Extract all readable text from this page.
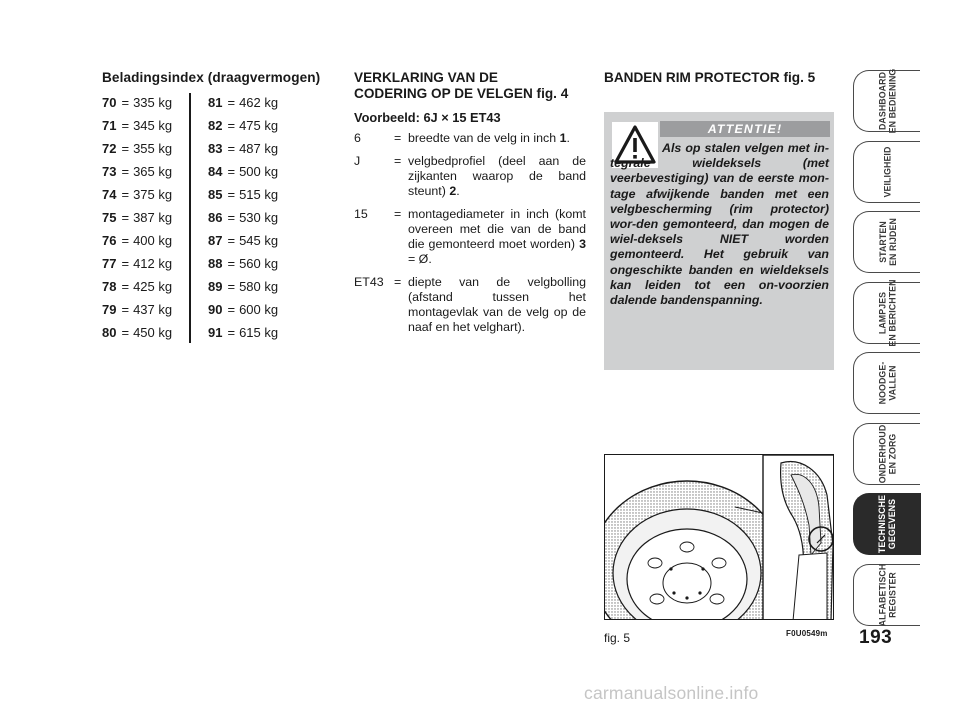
Beladingsindex (draagvermogen)
70 = 335 kg	81 = 462 kg
71 = 345 kg	82 = 475 kg
72 = 355 kg	83 = 487 kg
73 = 365 kg	84 = 500 kg
74 = 375 kg	85 = 515 kg
75 = 387 kg	86 = 530 kg
76 = 400 kg	87 = 545 kg
77 = 412 kg	88 = 560 kg
78 = 425 kg	89 = 580 kg
79 = 437 kg	90 = 600 kg
80 = 450 kg	91 = 615 kg
VERKLARING VAN DE
CODERING OP DE VELGEN fig. 4
Voorbeeld: 6J × 15 ET43
6	= breedte van de velg in inch 1.
J	= velgbedprofiel (deel aan de zijkanten waarop de band steunt) 2.
15	= montagediameter in inch (komt overeen met die van de band die gemonteerd moet worden) 3 = Ø.
ET43 = diepte van de velgbolling (afstand tussen het montagevlak van de velg op de naaf en het velghart).
BANDEN RIM PROTECTOR fig. 5
ATTENTIE!
Als op stalen velgen met in-tegrale wieldeksels (met veerbevestiging) van de eerste mon-tage afwijkende banden met een velgbescherming (rim protector) wor-den gemonteerd, dan mogen de wiel-deksels NIET worden gemonteerd. Het gebruik van ongeschikte banden en wieldeksels kan leiden tot een on-voorzien dalende bandenspanning.
fig. 5	F0U0549m
DASHBOARD EN BEDIENING
VEILIGHEID
STARTEN EN RIJDEN
LAMPJES EN BERICHTEN
NOODGE- VALLEN
ONDERHOUD EN ZORG
TECHNISCHE GEGEVENS
ALFABETISCH REGISTER
193
carmanualsonline.info
